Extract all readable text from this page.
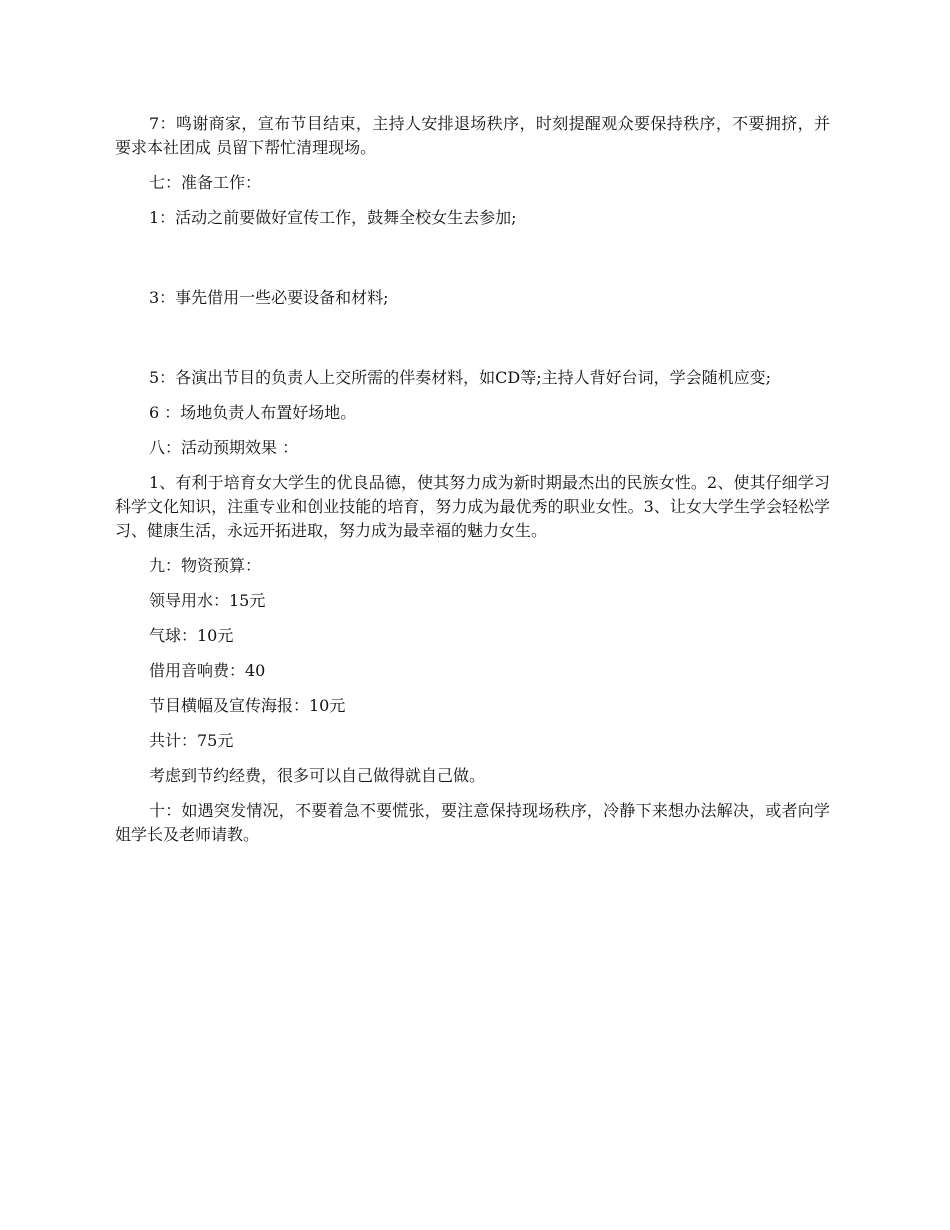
7：鸣谢商家，宣布节目结束，主持人安排退场秩序，时刻提醒观众要保持秩序，不要拥挤，并要求本社团成 员留下帮忙清理现场。

七：准备工作：

1：活动之前要做好宣传工作，鼓舞全校女生去参加;

3：事先借用一些必要设备和材料;

5：各演出节目的负责人上交所需的伴奏材料，如CD等;主持人背好台词，学会随机应变;

6 ：场地负责人布置好场地。

八：活动预期效果 ：

1、有利于培育女大学生的优良品德，使其努力成为新时期最杰出的民族女性。2、使其仔细学习科学文化知识，注重专业和创业技能的培育，努力成为最优秀的职业女性。3、让女大学生学会轻松学习、健康生活，永远开拓进取，努力成为最幸福的魅力女生。

九：物资预算：

领导用水：15元

气球：10元

借用音响费：40

节目横幅及宣传海报：10元

共计：75元

考虑到节约经费，很多可以自己做得就自己做。

十：如遇突发情况，不要着急不要慌张，要注意保持现场秩序，冷静下来想办法解决，或者向学姐学长及老师请教。
